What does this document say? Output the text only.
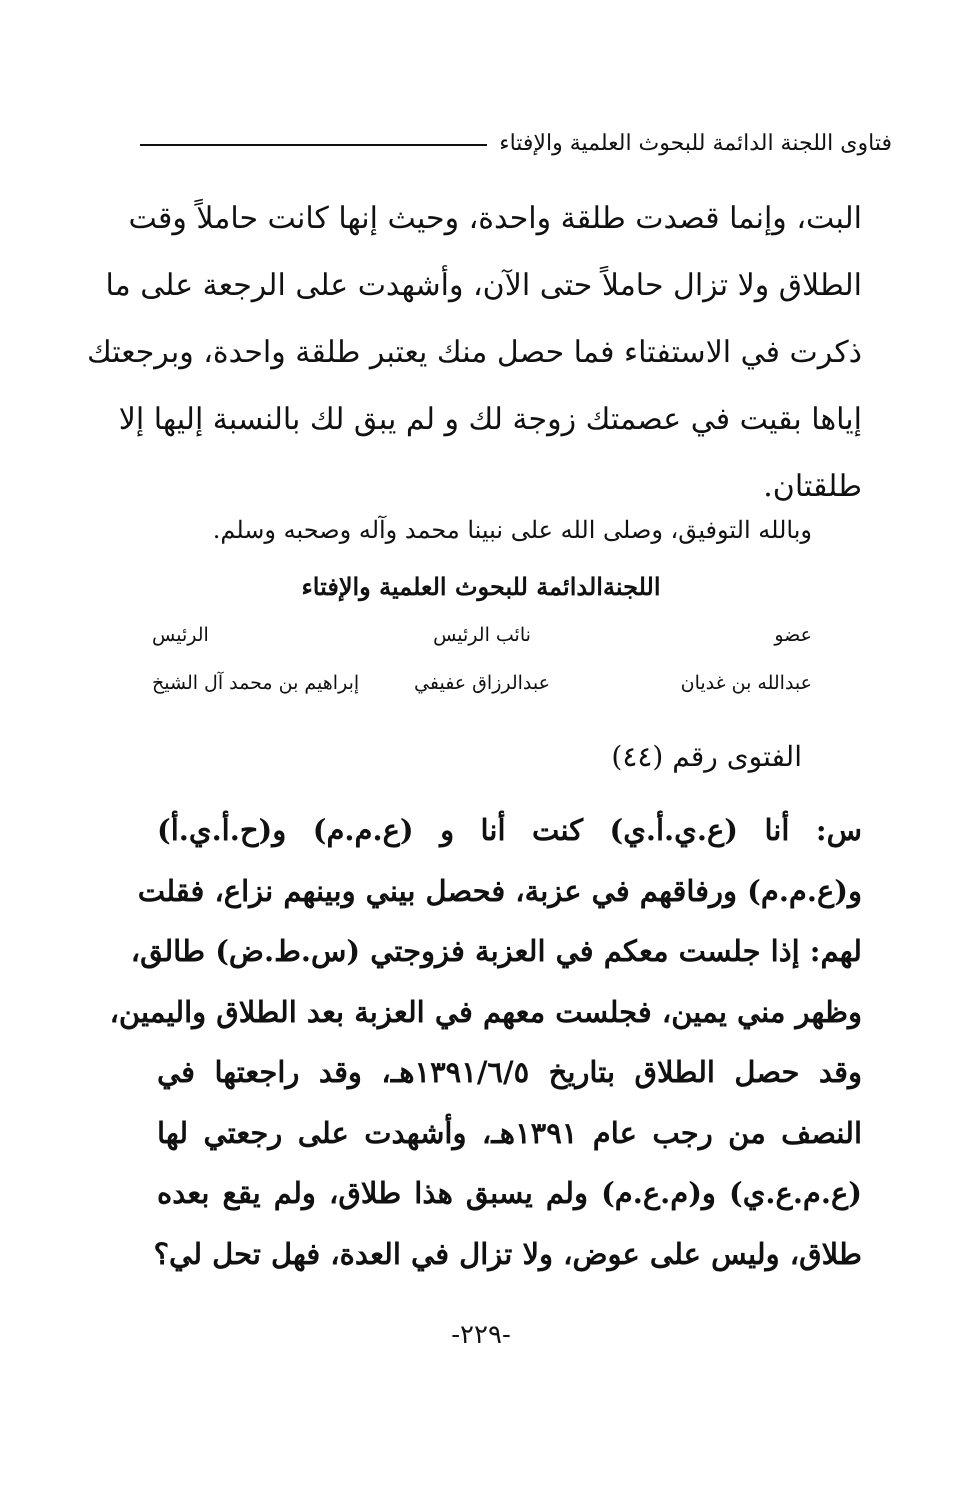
فتاوى اللجنة الدائمة للبحوث العلمية والإفتاء
البت، وإنما قصدت طلقة واحدة، وحيث إنها كانت حاملاً وقت
الطلاق ولا تزال حاملاً حتى الآن، وأشهدت على الرجعة على ما
ذكرت في الاستفتاء فما حصل منك يعتبر طلقة واحدة، وبرجعتك
إياها بقيت في عصمتك زوجة لك و لم يبق لك بالنسبة إليها إلا
طلقتان.
وبالله التوفيق، وصلى الله على نبينا محمد وآله وصحبه وسلم.
اللجنةالدائمة للبحوث العلمية والإفتاء
عضو
نائب الرئيس
الرئيس
عبدالله بن غديان
عبدالرزاق عفيفي
إبراهيم بن محمد آل الشيخ
الفتوى رقم (٤٤)
س: أنا (ع.ي.أ.ي) كنت أنا و (ع.م.م) و(ح.أ.ي.أ)
و(ع.م.م) ورفاقهم في عزبة، فحصل بيني وبينهم نزاع، فقلت
لهم: إذا جلست معكم في العزبة فزوجتي (س.ط.ض) طالق،
وظهر مني يمين، فجلست معهم في العزبة بعد الطلاق واليمين،
وقد حصل الطلاق بتاريخ ١٣٩١/٦/٥هـ، وقد راجعتها في
النصف من رجب عام ١٣٩١هـ، وأشهدت على رجعتي لها
(ع.م.ع.ي) و(م.ع.م) ولم يسبق هذا طلاق، ولم يقع بعده
طلاق، وليس على عوض، ولا تزال في العدة، فهل تحل لي؟
-٢٢٩-
